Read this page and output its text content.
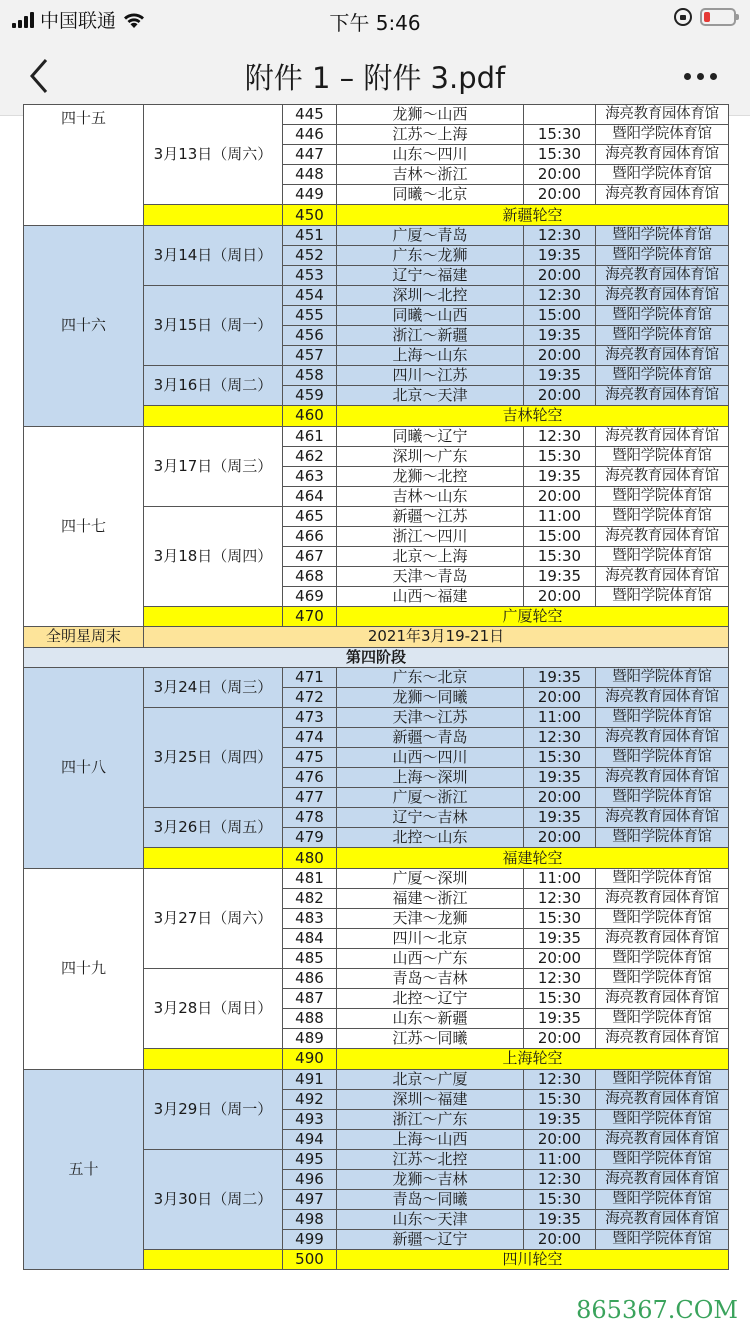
中国联通	下午 5:46
附件 1 – 附件 3.pdf
四十五	3月13日（周六）	445	龙狮～山西		海亮教育园体育馆
		446	江苏～上海	15:30	暨阳学院体育馆
		447	山东～四川	15:30	海亮教育园体育馆
		448	吉林～浙江	20:00	暨阳学院体育馆
		449	同曦～北京	20:00	海亮教育园体育馆
		450	新疆轮空		
四十六	3月14日（周日）	451	广厦～青岛	12:30	暨阳学院体育馆
		452	广东～龙狮	19:35	暨阳学院体育馆
		453	辽宁～福建	20:00	海亮教育园体育馆
	3月15日（周一）	454	深圳～北控	12:30	海亮教育园体育馆
		455	同曦～山西	15:00	暨阳学院体育馆
		456	浙江～新疆	19:35	暨阳学院体育馆
		457	上海～山东	20:00	海亮教育园体育馆
	3月16日（周二）	458	四川～江苏	19:35	暨阳学院体育馆
		459	北京～天津	20:00	海亮教育园体育馆
		460	吉林轮空		
四十七	3月17日（周三）	461	同曦～辽宁	12:30	海亮教育园体育馆
		462	深圳～广东	15:30	暨阳学院体育馆
		463	龙狮～北控	19:35	海亮教育园体育馆
		464	吉林～山东	20:00	暨阳学院体育馆
	3月18日（周四）	465	新疆～江苏	11:00	暨阳学院体育馆
		466	浙江～四川	15:00	海亮教育园体育馆
		467	北京～上海	15:30	暨阳学院体育馆
		468	天津～青岛	19:35	海亮教育园体育馆
		469	山西～福建	20:00	暨阳学院体育馆
		470	广厦轮空		
全明星周末	2021年3月19-21日				
第四阶段					
四十八	3月24日（周三）	471	广东～北京	19:35	暨阳学院体育馆
		472	龙狮～同曦	20:00	海亮教育园体育馆
	3月25日（周四）	473	天津～江苏	11:00	暨阳学院体育馆
		474	新疆～青岛	12:30	海亮教育园体育馆
		475	山西～四川	15:30	暨阳学院体育馆
		476	上海～深圳	19:35	海亮教育园体育馆
		477	广厦～浙江	20:00	暨阳学院体育馆
	3月26日（周五）	478	辽宁～吉林	19:35	海亮教育园体育馆
		479	北控～山东	20:00	暨阳学院体育馆
		480	福建轮空		
四十九	3月27日（周六）	481	广厦～深圳	11:00	暨阳学院体育馆
		482	福建～浙江	12:30	海亮教育园体育馆
		483	天津～龙狮	15:30	暨阳学院体育馆
		484	四川～北京	19:35	海亮教育园体育馆
		485	山西～广东	20:00	暨阳学院体育馆
	3月28日（周日）	486	青岛～吉林	12:30	暨阳学院体育馆
		487	北控～辽宁	15:30	海亮教育园体育馆
		488	山东～新疆	19:35	暨阳学院体育馆
		489	江苏～同曦	20:00	海亮教育园体育馆
		490	上海轮空		
五十	3月29日（周一）	491	北京～广厦	12:30	暨阳学院体育馆
		492	深圳～福建	15:30	海亮教育园体育馆
		493	浙江～广东	19:35	暨阳学院体育馆
		494	上海～山西	20:00	海亮教育园体育馆
	3月30日（周二）	495	江苏～北控	11:00	暨阳学院体育馆
		496	龙狮～吉林	12:30	海亮教育园体育馆
		497	青岛～同曦	15:30	暨阳学院体育馆
		498	山东～天津	19:35	海亮教育园体育馆
		499	新疆～辽宁	20:00	暨阳学院体育馆
		500	四川轮空		
865367.COM
